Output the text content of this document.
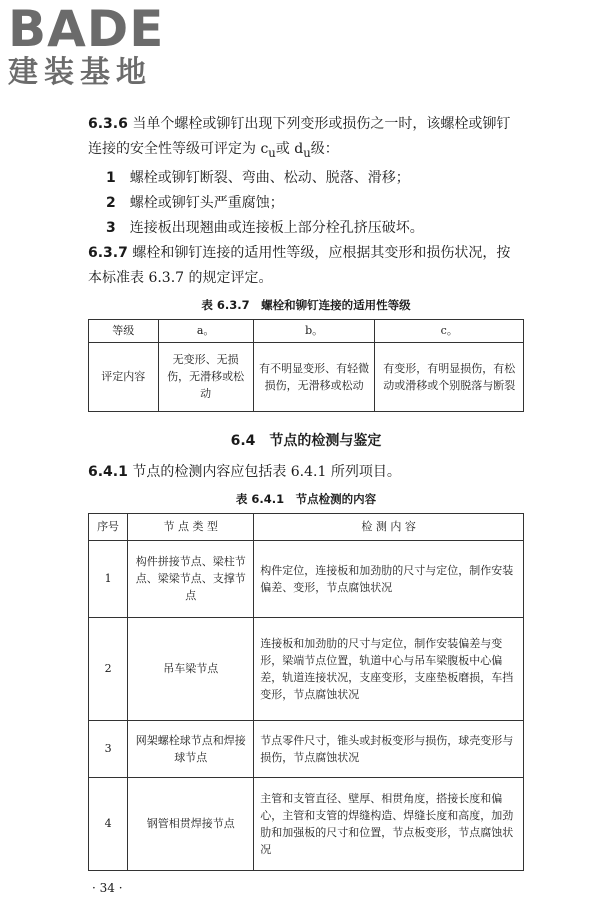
BADE
建装基地

6.3.6 当单个螺栓或铆钉出现下列变形或损伤之一时，该螺栓或铆钉连接的安全性等级可评定为 $c_u$或 $d_u$级：

1　 螺栓或铆钉断裂、弯曲、松动、脱落、滑移；

2　 螺栓或铆钉头严重腐蚀；

3　 连接板出现翘曲或连接板上部分栓孔挤压破坏。

6.3.7 螺栓和铆钉连接的适用性等级，应根据其变形和损伤状况，按本标准表 6.3.7 的规定评定。

表 6.3.7　螺栓和铆钉连接的适用性等级
等级	a。	b。	c。
评定内容	无变形、无损伤，无滑移或松动	有不明显变形、有轻微损伤，无滑移或松动	有变形，有明显损伤，有松动或滑移或个别脱落与断裂
6.4　 节点的检测与鉴定

6.4.1 节点的检测内容应包括表 6.4.1 所列项目。

表 6.4.1　节点检测的内容
序号	节 点 类 型	检 测 内 容
1	构件拼接节点、梁柱节点、梁梁节点、支撑节点	构件定位，连接板和加劲肋的尺寸与定位，制作安装偏差、变形，节点腐蚀状况
2	吊车梁节点	连接板和加劲肋的尺寸与定位，制作安装偏差与变形，梁端节点位置，轨道中心与吊车梁腹板中心偏差，轨道连接状况，支座变形，支座垫板磨损，车挡变形，节点腐蚀状况
3	网架螺栓球节点和焊接球节点	节点零件尺寸，锥头或封板变形与损伤，球壳变形与损伤，节点腐蚀状况
4	钢管相贯焊接节点	主管和支管直径、壁厚、相贯角度，搭接长度和偏心，主管和支管的焊缝构造、焊缝长度和高度，加劲肋和加强板的尺寸和位置，节点板变形，节点腐蚀状况
· 34 ·
